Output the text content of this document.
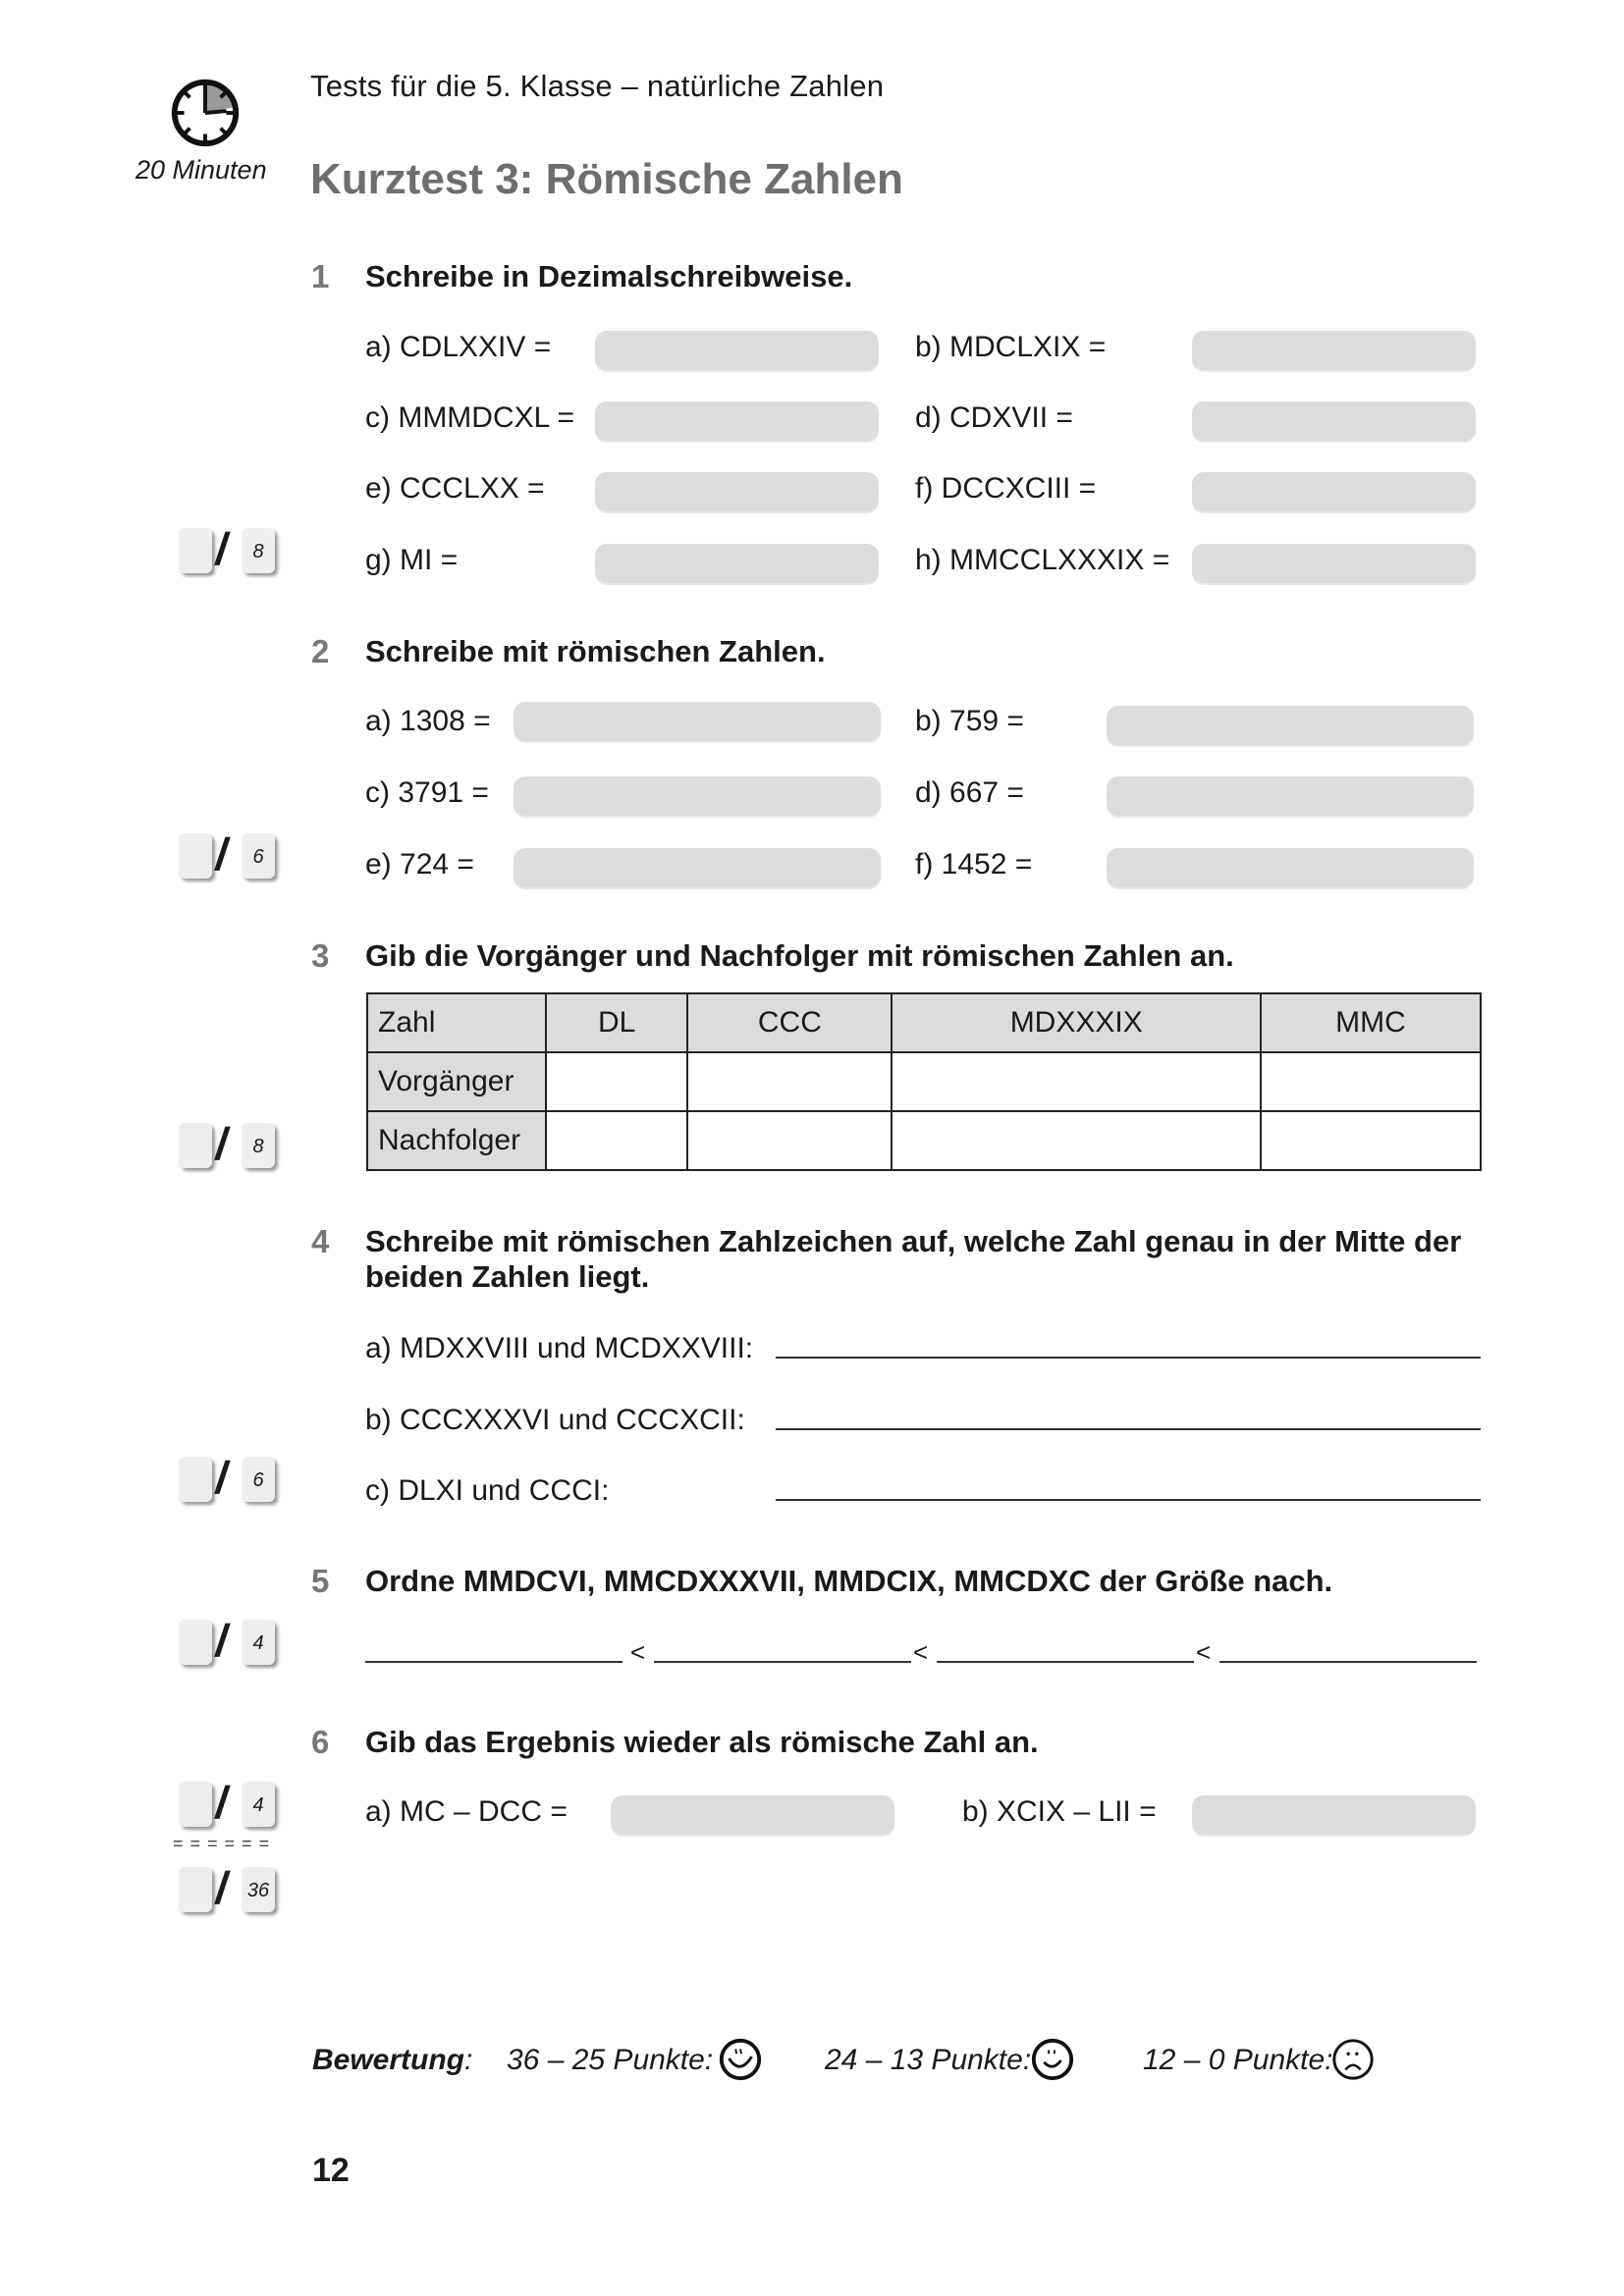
20 Minuten
Tests für die 5. Klasse – natürliche Zahlen
Kurztest 3: Römische Zahlen
1 Schreibe in Dezimalschreibweise.
a) CDLXXIV =	b) MDCLXIX =
c) MMMDCXL =	d) CDXVII =
e) CCCLXX =	f) DCCXCIII =
g) MI =	h) MMCCLXXXIX =
/	8
2 Schreibe mit römischen Zahlen.
a) 1308 =	b) 759 =
c) 3791 =	d) 667 =
e) 724 =	f) 1452 =
/	6
3 Gib die Vorgänger und Nachfolger mit römischen Zahlen an.
Zahl	DL	CCC	MDXXXIX	MMC
Vorgänger				
Nachfolger				
/	8
4 Schreibe mit römischen Zahlzeichen auf, welche Zahl genau in der Mitte der beiden Zahlen liegt.
a) MDXXVIII und MCDXXVIII:
b) CCCXXXVI und CCCXCII:
c) DLXI und CCCI:
/	6
5 Ordne MMDCVI, MMCDXXXVII, MMDCIX, MMCDXC der Größe nach.
<	<	<
/	4
6 Gib das Ergebnis wieder als römische Zahl an.
a) MC – DCC =	b) XCIX – LII =
/	4
= = = = = =
/ 36
Bewertung: 36 – 25 Punkte:	24 – 13 Punkte:	12 – 0 Punkte:
12
